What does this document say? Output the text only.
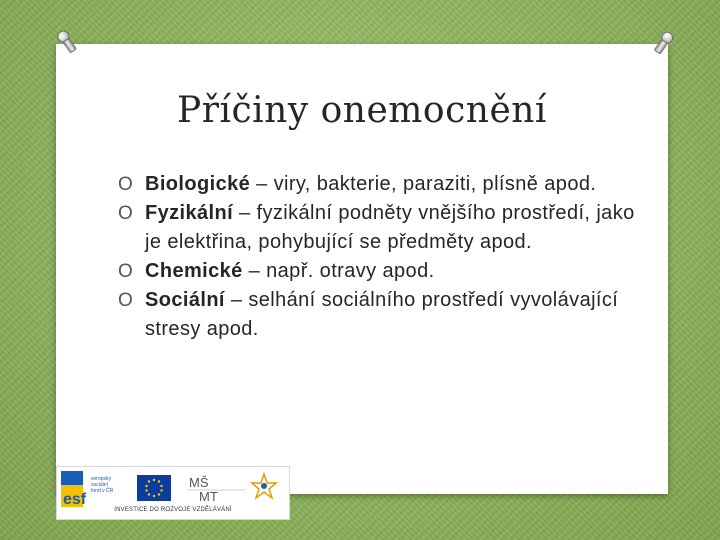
Příčiny onemocnění
O Biologické – viry, bakterie, paraziti, plísně apod.
O Fyzikální – fyzikální podněty vnějšího prostředí, jako je elektřina, pohybující se předměty apod.
O Chemické – např. otravy apod.
O Sociální – selhání sociálního prostředí vyvolávající stresy apod.
esf
evropský
sociální
fond v ČR
MŠ
MT
INVESTICE DO ROZVOJE VZDĚLÁVÁNÍ
